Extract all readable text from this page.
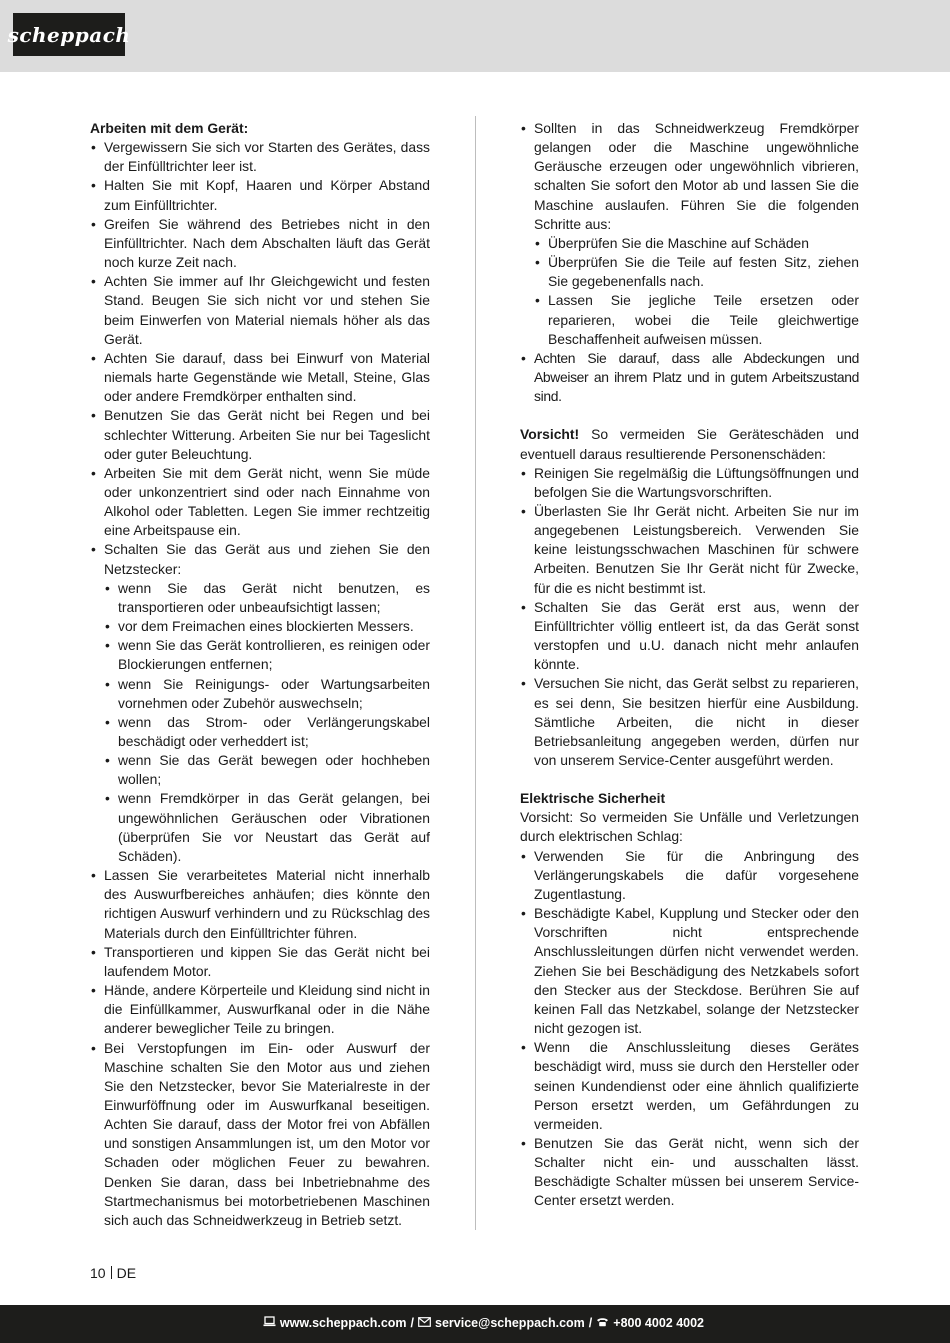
scheppach

Arbeiten mit dem Gerät:

• Vergewissern Sie sich vor Starten des Gerätes, dass der Einfülltrichter leer ist.
• Halten Sie mit Kopf, Haaren und Körper Abstand zum Einfülltrichter.
• Greifen Sie während des Betriebes nicht in den Einfülltrichter. Nach dem Abschalten läuft das Gerät noch kurze Zeit nach.
• Achten Sie immer auf Ihr Gleichgewicht und festen Stand. Beugen Sie sich nicht vor und stehen Sie beim Einwerfen von Material niemals höher als das Gerät.
• Achten Sie darauf, dass bei Einwurf von Material niemals harte Gegenstände wie Metall, Steine, Glas oder andere Fremdkörper enthalten sind.
• Benutzen Sie das Gerät nicht bei Regen und bei schlechter Witterung. Arbeiten Sie nur bei Tageslicht oder guter Beleuchtung.
• Arbeiten Sie mit dem Gerät nicht, wenn Sie müde oder unkonzentriert sind oder nach Einnahme von Alkohol oder Tabletten. Legen Sie immer rechtzeitig eine Arbeitspause ein.
• Schalten Sie das Gerät aus und ziehen Sie den Netzstecker:
• wenn Sie das Gerät nicht benutzen, es transportieren oder unbeaufsichtigt lassen;
• vor dem Freimachen eines blockierten Messers.
• wenn Sie das Gerät kontrollieren, es reinigen oder Blockierungen entfernen;
• wenn Sie Reinigungs- oder Wartungsarbeiten vornehmen oder Zubehör auswechseln;
• wenn das Strom- oder Verlängerungskabel beschädigt oder verheddert ist;
• wenn Sie das Gerät bewegen oder hochheben wollen;
• wenn Fremdkörper in das Gerät gelangen, bei ungewöhnlichen Geräuschen oder Vibrationen (überprüfen Sie vor Neustart das Gerät auf Schäden).
• Lassen Sie verarbeitetes Material nicht innerhalb des Auswurfbereiches anhäufen; dies könnte den richtigen Auswurf verhindern und zu Rückschlag des Materials durch den Einfülltrichter führen.
• Transportieren und kippen Sie das Gerät nicht bei laufendem Motor.
• Hände, andere Körperteile und Kleidung sind nicht in die Einfüllkammer, Auswurfkanal oder in die Nähe anderer beweglicher Teile zu bringen.
• Bei Verstopfungen im Ein- oder Auswurf der Maschine schalten Sie den Motor aus und ziehen Sie den Netzstecker, bevor Sie Materialreste in der Einwurföffnung oder im Auswurfkanal beseitigen. Achten Sie darauf, dass der Motor frei von Abfällen und sonstigen Ansammlungen ist, um den Motor vor Schaden oder möglichen Feuer zu bewahren. Denken Sie daran, dass bei Inbetriebnahme des Startmechanismus bei motorbetriebenen Maschinen sich auch das Schneidwerkzeug in Betrieb setzt.
• Sollten in das Schneidwerkzeug Fremdkörper gelangen oder die Maschine ungewöhnliche Geräusche erzeugen oder ungewöhnlich vibrieren, schalten Sie sofort den Motor ab und lassen Sie die Maschine auslaufen. Führen Sie die folgenden Schritte aus:
• Überprüfen Sie die Maschine auf Schäden
• Überprüfen Sie die Teile auf festen Sitz, ziehen Sie gegebenenfalls nach.
• Lassen Sie jegliche Teile ersetzen oder reparieren, wobei die Teile gleichwertige Beschaffenheit aufweisen müssen.
• Achten Sie darauf, dass alle Abdeckungen und Abweiser an ihrem Platz und in gutem Arbeitszustand sind.

Vorsicht! So vermeiden Sie Geräteschäden und eventuell daraus resultierende Personenschäden:

• Reinigen Sie regelmäßig die Lüftungsöffnungen und befolgen Sie die Wartungsvorschriften.
• Überlasten Sie Ihr Gerät nicht. Arbeiten Sie nur im angegebenen Leistungsbereich. Verwenden Sie keine leistungsschwachen Maschinen für schwere Arbeiten. Benutzen Sie Ihr Gerät nicht für Zwecke, für die es nicht bestimmt ist.
• Schalten Sie das Gerät erst aus, wenn der Einfülltrichter völlig entleert ist, da das Gerät sonst verstopfen und u.U. danach nicht mehr anlaufen könnte.
• Versuchen Sie nicht, das Gerät selbst zu reparieren, es sei denn, Sie besitzen hierfür eine Ausbildung. Sämtliche Arbeiten, die nicht in dieser Betriebsanleitung angegeben werden, dürfen nur von unserem Service-Center ausgeführt werden.

Elektrische Sicherheit

Vorsicht: So vermeiden Sie Unfälle und Verletzungen durch elektrischen Schlag:

• Verwenden Sie für die Anbringung des Verlängerungskabels die dafür vorgesehene Zugentlastung.
• Beschädigte Kabel, Kupplung und Stecker oder den Vorschriften nicht entsprechende Anschlussleitungen dürfen nicht verwendet werden. Ziehen Sie bei Beschädigung des Netzkabels sofort den Stecker aus der Steckdose. Berühren Sie auf keinen Fall das Netzkabel, solange der Netzstecker nicht gezogen ist.
• Wenn die Anschlussleitung dieses Gerätes beschädigt wird, muss sie durch den Hersteller oder seinen Kundendienst oder eine ähnlich qualifizierte Person ersetzt werden, um Gefährdungen zu vermeiden.
• Benutzen Sie das Gerät nicht, wenn sich der Schalter nicht ein- und ausschalten lässt. Beschädigte Schalter müssen bei unserem Service-Center ersetzt werden.
10 DE
www.scheppach.com / service@scheppach.com / +800 4002 4002
